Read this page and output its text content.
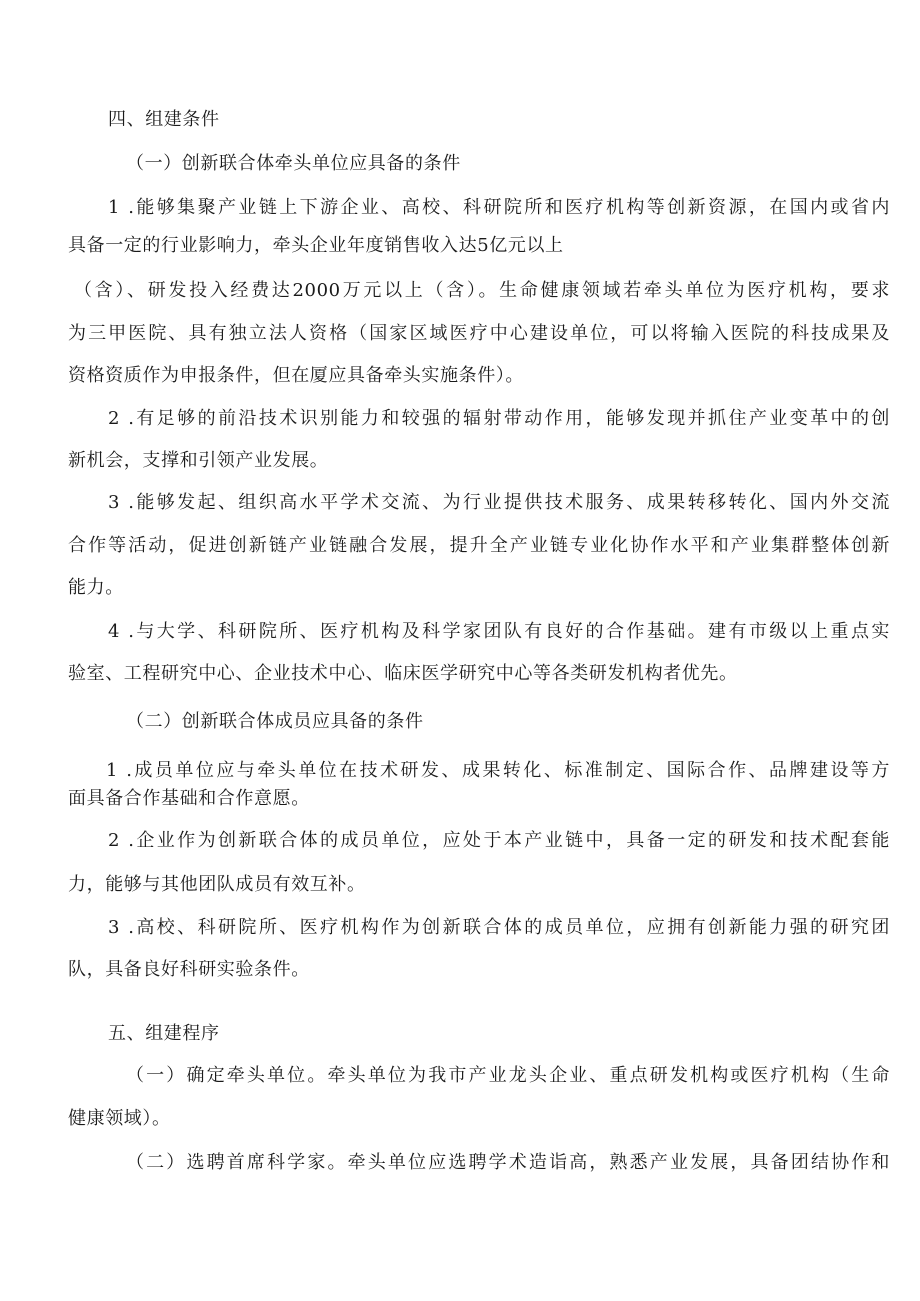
四、组建条件
（一）创新联合体牵头单位应具备的条件
1 .能够集聚产业链上下游企业、高校、科研院所和医疗机构等创新资源，在国内或省内
具备一定的行业影响力，牵头企业年度销售收入达5亿元以上
（含）、研发投入经费达2000万元以上（含）。生命健康领域若牵头单位为医疗机构，要求
为三甲医院、具有独立法人资格（国家区域医疗中心建设单位，可以将输入医院的科技成果及
资格资质作为申报条件，但在厦应具备牵头实施条件）。
2 .有足够的前沿技术识别能力和较强的辐射带动作用，能够发现并抓住产业变革中的创
新机会，支撑和引领产业发展。
3 .能够发起、组织高水平学术交流、为行业提供技术服务、成果转移转化、国内外交流
合作等活动，促进创新链产业链融合发展，提升全产业链专业化协作水平和产业集群整体创新
能力。
4 .与大学、科研院所、医疗机构及科学家团队有良好的合作基础。建有市级以上重点实
验室、工程研究中心、企业技术中心、临床医学研究中心等各类研发机构者优先。
（二）创新联合体成员应具备的条件
1 .成员单位应与牵头单位在技术研发、成果转化、标准制定、国际合作、品牌建设等方
面具备合作基础和合作意愿。
2 .企业作为创新联合体的成员单位，应处于本产业链中，具备一定的研发和技术配套能
力，能够与其他团队成员有效互补。
3 .高校、科研院所、医疗机构作为创新联合体的成员单位，应拥有创新能力强的研究团
队，具备良好科研实验条件。
五、组建程序
（一）确定牵头单位。牵头单位为我市产业龙头企业、重点研发机构或医疗机构（生命
健康领域）。
（二）选聘首席科学家。牵头单位应选聘学术造诣高，熟悉产业发展，具备团结协作和
